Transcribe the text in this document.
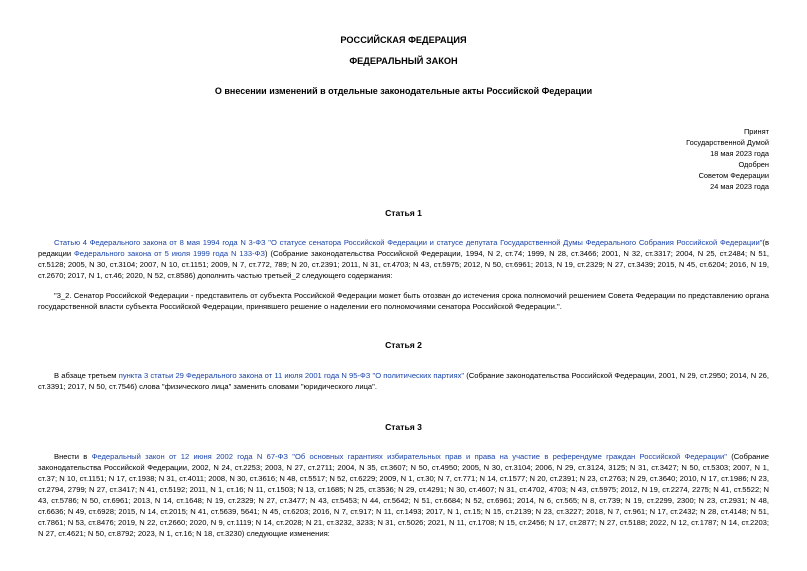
РОССИЙСКАЯ ФЕДЕРАЦИЯ
ФЕДЕРАЛЬНЫЙ ЗАКОН
О внесении изменений в отдельные законодательные акты Российской Федерации
Принят
Государственной Думой
18 мая 2023 года
Одобрен
Советом Федерации
24 мая 2023 года
Статья 1
Статью 4 Федерального закона от 8 мая 1994 года N 3-ФЗ "О статусе сенатора Российской Федерации и статусе депутата Государственной Думы Федерального Собрания Российской Федерации"(в редакции Федерального закона от 5 июля 1999 года N 133-ФЗ) (Собрание законодательства Российской Федерации, 1994, N 2, ст.74; 1999, N 28, ст.3466; 2001, N 32, ст.3317; 2004, N 25, ст.2484; N 51, ст.5128; 2005, N 30, ст.3104; 2007, N 10, ст.1151; 2009, N 7, ст.772, 789; N 20, ст.2391; 2011, N 31, ст.4703; N 43, ст.5975; 2012, N 50, ст.6961; 2013, N 19, ст.2329; N 27, ст.3439; 2015, N 45, ст.6204; 2016, N 19, ст.2670; 2017, N 1, ст.46; 2020, N 52, ст.8586) дополнить частью третьей_2 следующего содержания:
"3_2. Сенатор Российской Федерации - представитель от субъекта Российской Федерации может быть отозван до истечения срока полномочий решением Совета Федерации по представлению органа государственной власти субъекта Российской Федерации, принявшего решение о наделении его полномочиями сенатора Российской Федерации.".
Статья 2
В абзаце третьем пункта 3 статьи 29 Федерального закона от 11 июля 2001 года N 95-ФЗ "О политических партиях" (Собрание законодательства Российской Федерации, 2001, N 29, ст.2950; 2014, N 26, ст.3391; 2017, N 50, ст.7546) слова "физического лица" заменить словами "юридического лица".
Статья 3
Внести в Федеральный закон от 12 июня 2002 года N 67-ФЗ "Об основных гарантиях избирательных прав и права на участие в референдуме граждан Российской Федерации" (Собрание законодательства Российской Федерации, 2002, N 24, ст.2253; 2003, N 27, ст.2711; 2004, N 35, ст.3607; N 50, ст.4950; 2005, N 30, ст.3104; 2006, N 29, ст.3124, 3125; N 31, ст.3427; N 50, ст.5303; 2007, N 1, ст.37; N 10, ст.1151; N 17, ст.1938; N 31, ст.4011; 2008, N 30, ст.3616; N 48, ст.5517; N 52, ст.6229; 2009, N 1, ст.30; N 7, ст.771; N 14, ст.1577; N 20, ст.2391; N 23, ст.2763; N 29, ст.3640; 2010, N 17, ст.1986; N 23, ст.2794, 2799; N 27, ст.3417; N 41, ст.5192; 2011, N 1, ст.16; N 11, ст.1503; N 13, ст.1685; N 25, ст.3536; N 29, ст.4291; N 30, ст.4607; N 31, ст.4702, 4703; N 43, ст.5975; 2012, N 19, ст.2274, 2275; N 41, ст.5522; N 43, ст.5786; N 50, ст.6961; 2013, N 14, ст.1648; N 19, ст.2329; N 27, ст.3477; N 43, ст.5453; N 44, ст.5642; N 51, ст.6684; N 52, ст.6961; 2014, N 6, ст.565; N 8, ст.739; N 19, ст.2299, 2300; N 23, ст.2931; N 48, ст.6636; N 49, ст.6928; 2015, N 14, ст.2015; N 41, ст.5639, 5641; N 45, ст.6203; 2016, N 7, ст.917; N 11, ст.1493; 2017, N 1, ст.15; N 15, ст.2139; N 23, ст.3227; 2018, N 7, ст.961; N 17, ст.2432; N 28, ст.4148; N 51, ст.7861; N 53, ст.8476; 2019, N 22, ст.2660; 2020, N 9, ст.1119; N 14, ст.2028; N 21, ст.3232, 3233; N 31, ст.5026; 2021, N 11, ст.1708; N 15, ст.2456; N 17, ст.2877; N 27, ст.5188; 2022, N 12, ст.1787; N 14, ст.2203; N 27, ст.4621; N 50, ст.8792; 2023, N 1, ст.16; N 18, ст.3230) следующие изменения:
